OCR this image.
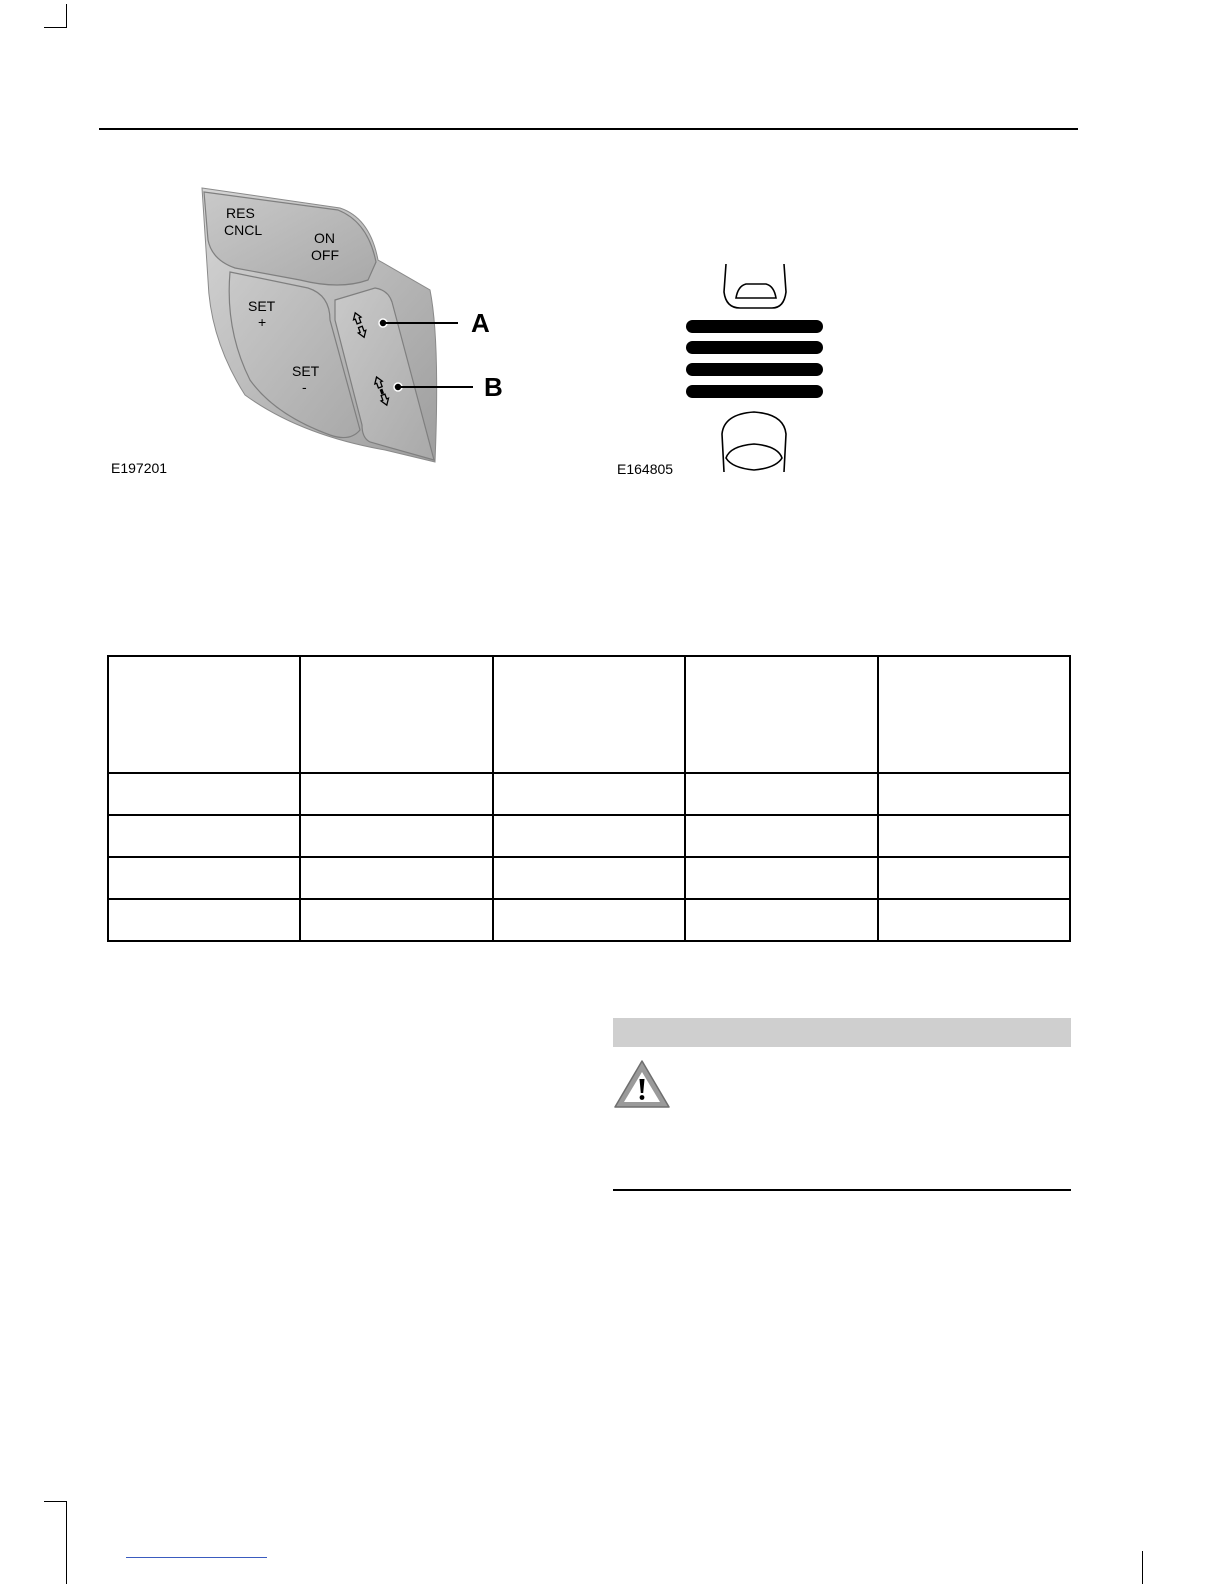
RES
CNCL	ON
OFF
SET
+
SET
-
A
B
E197201	E164805
